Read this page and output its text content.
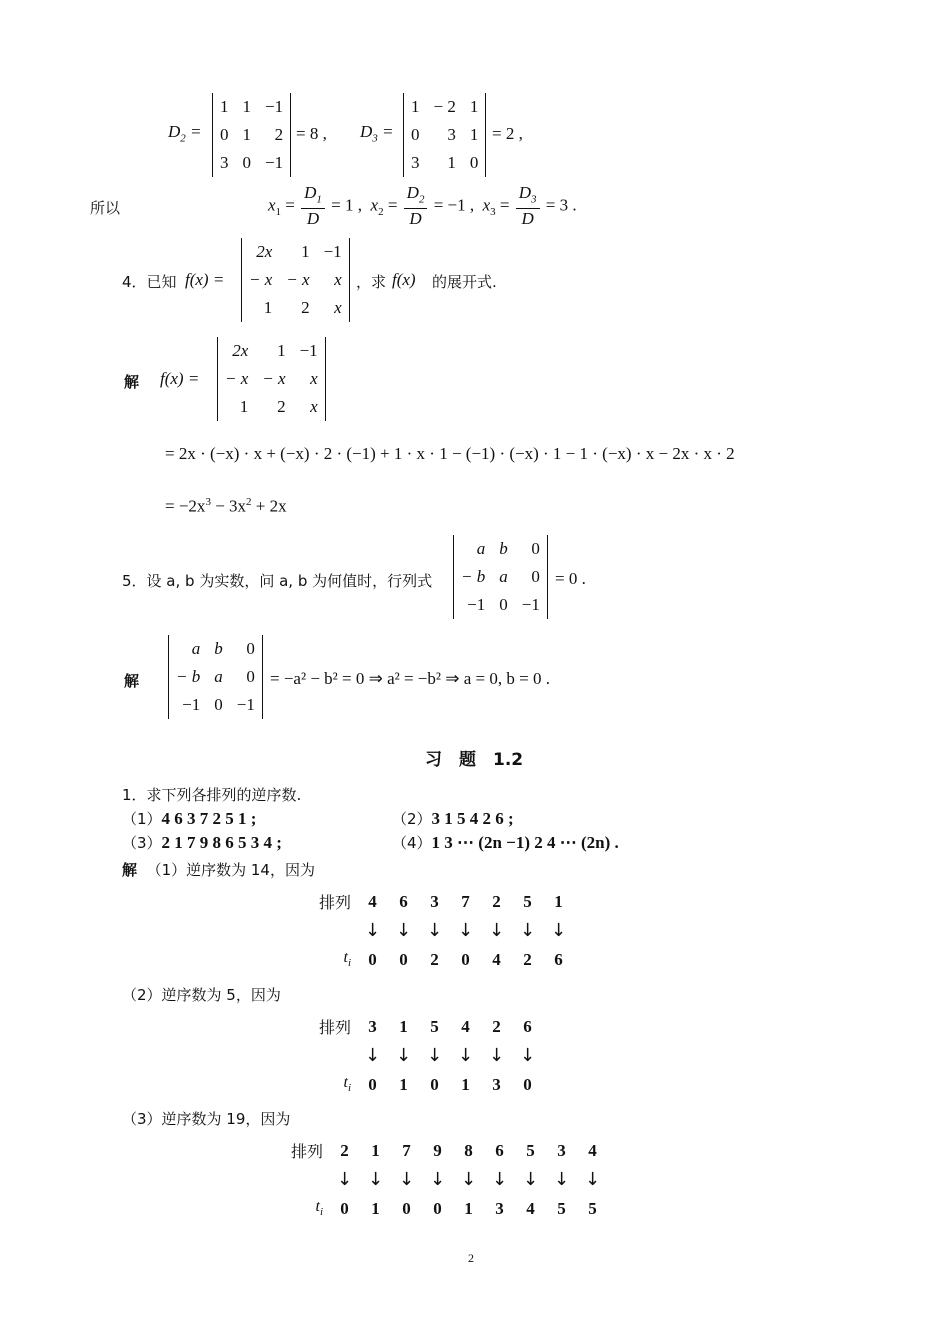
$D_2$ =
1	1	−1
0	1	2
3	0	−1
= 8 , $D_3$ =
1	− 2	1
0	3	1
3	1	0
= 2 ,
所以	$x_1 = \frac{D_1}{D} = 1$ , $x_2 = \frac{D_2}{D} = -1$ , $x_3 = \frac{D_3}{D} = 3$ .
4．已知 f(x) =
2x	1	−1
− x	− x	x
1	2	x
，求 f(x) 的展开式.
解 f(x) =
2x	1	−1
− x	− x	x
1	2	x
= 2x · (−x) · x + (−x) · 2 · (−1) + 1 · x · 1 − (−1) · (−x) · 1 − 1 · (−x) · x − 2x · x · 2
= $-2x^3 - 3x^2 + 2x$
5．设 a, b 为实数，问 a, b 为何值时，行列式
a	b	0
− b	a	0
−1	0	−1
= 0 .
解
a	b	0
− b	a	0
−1	0	−1
= −a² − b² = 0 ⇒ a² = −b² ⇒ a = 0, b = 0 .
习　题　1.2
1．求下列各排列的逆序数.
（1）4 6 3 7 2 5 1 ;	（2）3 1 5 4 2 6 ;
（3）2 1 7 9 8 6 5 3 4 ;	（4）1 3 ⋯ (2n −1) 2 4 ⋯ (2n) .
解 （1）逆序数为 14，因为
排列	4	6	3	7	2	5	1
	↓	↓	↓	↓	↓	↓	↓
$t_i$	0	0	2	0	4	2	6
（2）逆序数为 5，因为
排列	3	1	5	4	2	6
	↓	↓	↓	↓	↓	↓
$t_i$	0	1	0	1	3	0
（3）逆序数为 19，因为
排列	2	1	7	9	8	6	5	3	4
	↓	↓	↓	↓	↓	↓	↓	↓	↓
$t_i$	0	1	0	0	1	3	4	5	5
2
